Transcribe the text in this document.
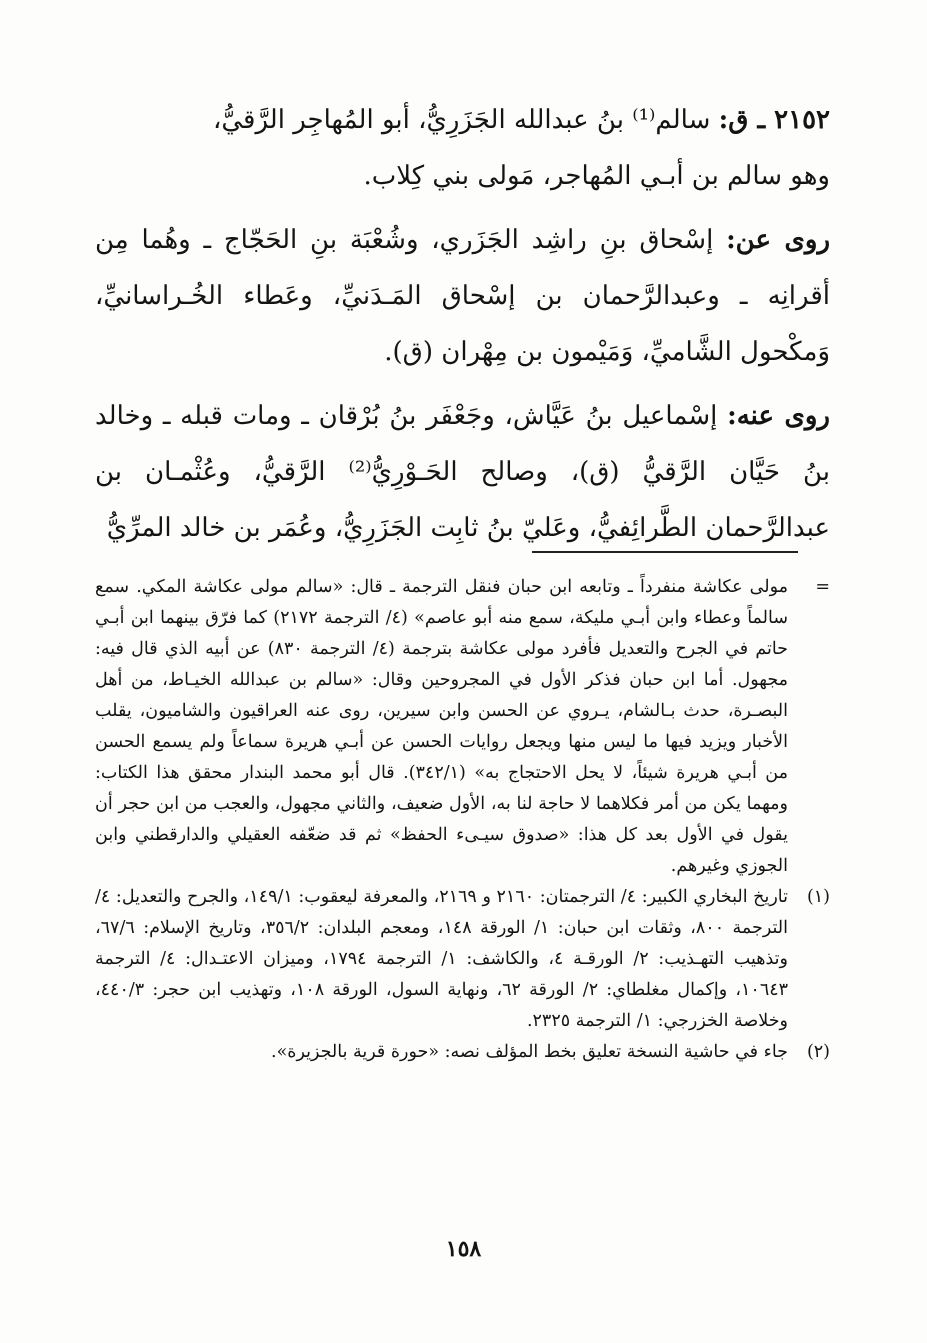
٢١٥٢ ـ ق: سالم⁽¹⁾ بنُ عبدالله الجَزَرِيُّ، أبو المُهاجِر الرَّقيُّ،
وهو سالم بن أبـي المُهاجر، مَولى بني كِلاب.

روى عن: إسْحاق بنِ راشِد الجَزَري، وشُعْبَة بنِ الحَجّاج ـ وهُما مِن أقرانِه ـ وعبدالرَّحمان بن إسْحاق المَـدَنيِّ، وعَطاء الخُـراسانيِّ، وَمكْحول الشَّاميِّ، وَمَيْمون بن مِهْران (ق).

روى عنه: إسْماعيل بنُ عَيَّاش، وجَعْفَر بنُ بُرْقان ـ ومات قبله ـ وخالد بنُ حَيَّان الرَّقيُّ (ق)، وصالح الحَـوْرِيُّ⁽²⁾ الرَّقيُّ، وعُثْمـان بن عبدالرَّحمان الطَّرائِفيُّ، وعَليّ بنُ ثابِت الجَزَرِيُّ، وعُمَر بن خالد المرِّيُّ

=
مولى عكاشة منفرداً ـ وتابعه ابن حبان فنقل الترجمة ـ قال: «سالم مولى عكاشة المكي. سمع سالماً وعطاء وابن أبـي مليكة، سمع منه أبو عاصم» (٤/ الترجمة ٢١٧٢) كما فرّق بينهما ابن أبـي حاتم في الجرح والتعديل فأفرد مولى عكاشة بترجمة (٤/ الترجمة ٨٣٠) عن أبيه الذي قال فيه: مجهول. أما ابن حبان فذكر الأول في المجروحين وقال: «سالم بن عبدالله الخيـاط، من أهل البصـرة، حدث بـالشام، يـروي عن الحسن وابن سيرين، روى عنه العراقيون والشاميون، يقلب الأخبار ويزيد فيها ما ليس منها ويجعل روايات الحسن عن أبـي هريرة سماعاً ولم يسمع الحسن من أبـي هريرة شيئاً، لا يحل الاحتجاج به» (٣٤٢/١). قال أبو محمد البندار محقق هذا الكتاب: ومهما يكن من أمر فكلاهما لا حاجة لنا به، الأول ضعيف، والثاني مجهول، والعجب من ابن حجر أن يقول في الأول بعد كل هذا: «صدوق سيـىء الحفظ» ثم قد ضعّفه العقيلي والدارقطني وابن الجوزي وغيرهم.

(١)
تاريخ البخاري الكبير: ٤/ الترجمتان: ٢١٦٠ و ٢١٦٩، والمعرفة ليعقوب: ١٤٩/١، والجرح والتعديل: ٤/ الترجمة ٨٠٠، وثقات ابن حبان: ١/ الورقة ١٤٨، ومعجم البلدان: ٣٥٦/٢، وتاريخ الإسلام: ٦٧/٦، وتذهيب التهـذيب: ٢/ الورقـة ٤، والكاشف: ١/ الترجمة ١٧٩٤، وميزان الاعتـدال: ٤/ الترجمة ١٠٦٤٣، وإكمال مغلطاي: ٢/ الورقة ٦٢، ونهاية السول، الورقة ١٠٨، وتهذيب ابن حجر: ٤٤٠/٣، وخلاصة الخزرجي: ١/ الترجمة ٢٣٢٥.

(٢)
جاء في حاشية النسخة تعليق بخط المؤلف نصه: «حورة قرية بالجزيرة».

١٥٨
